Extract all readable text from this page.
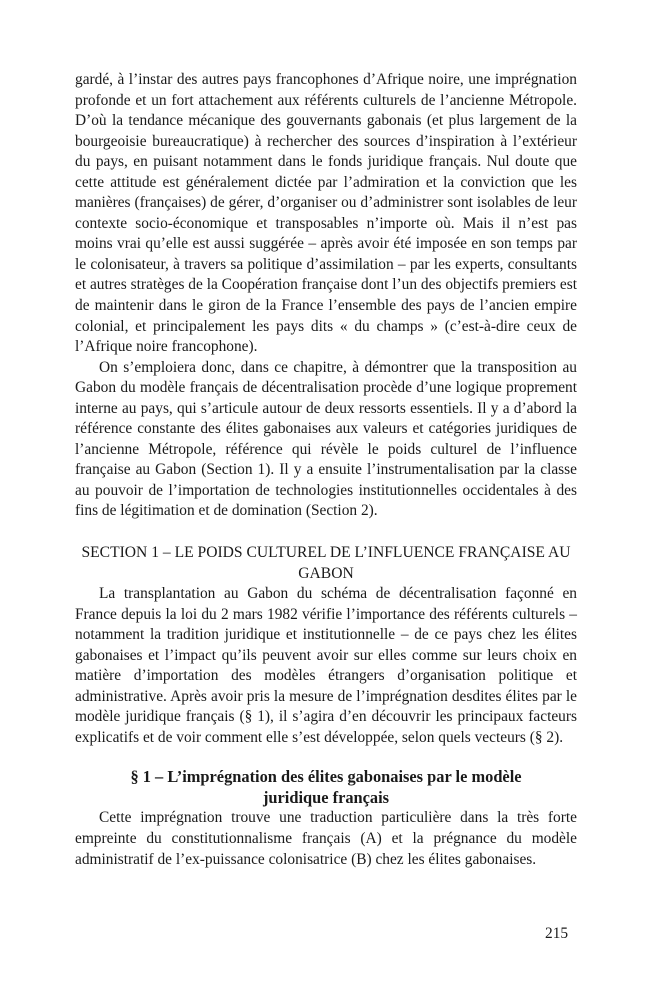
gardé, à l’instar des autres pays francophones d’Afrique noire, une imprégnation profonde et un fort attachement aux référents culturels de l’ancienne Métropole. D’où la tendance mécanique des gouvernants gabonais (et plus largement de la bourgeoisie bureaucratique) à rechercher des sources d’inspiration à l’extérieur du pays, en puisant notamment dans le fonds juridique français. Nul doute que cette attitude est généralement dictée par l’admiration et la conviction que les manières (françaises) de gérer, d’organiser ou d’administrer sont isolables de leur contexte socio-économique et transposables n’importe où. Mais il n’est pas moins vrai qu’elle est aussi suggérée – après avoir été imposée en son temps par le colonisateur, à travers sa politique d’assimilation – par les experts, consultants et autres stratèges de la Coopération française dont l’un des objectifs premiers est de maintenir dans le giron de la France l’ensemble des pays de l’ancien empire colonial, et principalement les pays dits « du champs » (c’est-à-dire ceux de l’Afrique noire francophone).

On s’emploiera donc, dans ce chapitre, à démontrer que la transposition au Gabon du modèle français de décentralisation procède d’une logique proprement interne au pays, qui s’articule autour de deux ressorts essentiels. Il y a d’abord la référence constante des élites gabonaises aux valeurs et catégories juridiques de l’ancienne Métropole, référence qui révèle le poids culturel de l’influence française au Gabon (Section 1). Il y a ensuite l’instrumentalisation par la classe au pouvoir de l’importation de technologies institutionnelles occidentales à des fins de légitimation et de domination (Section 2).

SECTION 1 – LE POIDS CULTUREL DE L’INFLUENCE FRANÇAISE AU GABON

La transplantation au Gabon du schéma de décentralisation façonné en France depuis la loi du 2 mars 1982 vérifie l’importance des référents culturels – notamment la tradition juridique et institutionnelle – de ce pays chez les élites gabonaises et l’impact qu’ils peuvent avoir sur elles comme sur leurs choix en matière d’importation des modèles étrangers d’organisation politique et administrative. Après avoir pris la mesure de l’imprégnation desdites élites par le modèle juridique français (§ 1), il s’agira d’en découvrir les principaux facteurs explicatifs et de voir comment elle s’est développée, selon quels vecteurs (§ 2).

§ 1 – L’imprégnation des élites gabonaises par le modèle juridique français

Cette imprégnation trouve une traduction particulière dans la très forte empreinte du constitutionnalisme français (A) et la prégnance du modèle administratif de l’ex-puissance colonisatrice (B) chez les élites gabonaises.

215
